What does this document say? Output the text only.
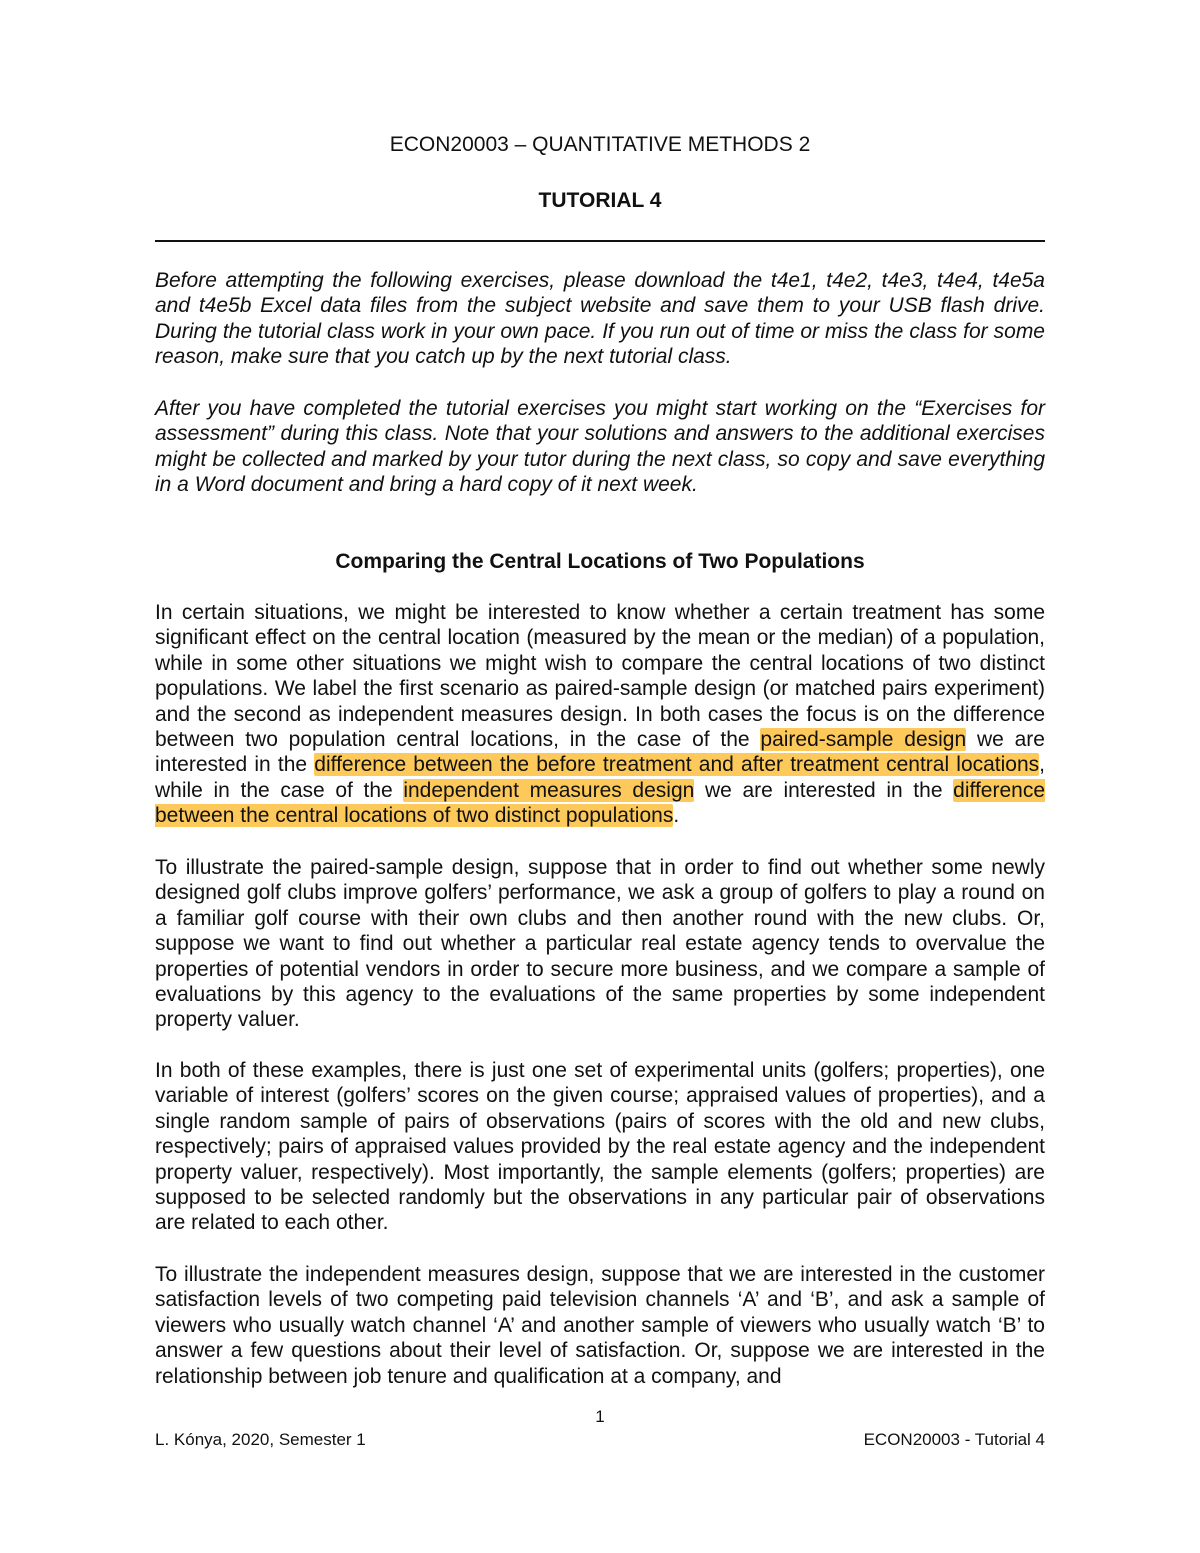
ECON20003 – QUANTITATIVE METHODS 2
TUTORIAL 4

Before attempting the following exercises, please download the t4e1, t4e2, t4e3, t4e4, t4e5a and t4e5b Excel data files from the subject website and save them to your USB flash drive. During the tutorial class work in your own pace. If you run out of time or miss the class for some reason, make sure that you catch up by the next tutorial class.

After you have completed the tutorial exercises you might start working on the “Exercises for assessment” during this class. Note that your solutions and answers to the additional exercises might be collected and marked by your tutor during the next class, so copy and save everything in a Word document and bring a hard copy of it next week.

Comparing the Central Locations of Two Populations

In certain situations, we might be interested to know whether a certain treatment has some significant effect on the central location (measured by the mean or the median) of a population, while in some other situations we might wish to compare the central locations of two distinct populations. We label the first scenario as paired-sample design (or matched pairs experiment) and the second as independent measures design. In both cases the focus is on the difference between two population central locations, in the case of the paired-sample design we are interested in the difference between the before treatment and after treatment central locations, while in the case of the independent measures design we are interested in the difference between the central locations of two distinct populations.

To illustrate the paired-sample design, suppose that in order to find out whether some newly designed golf clubs improve golfers’ performance, we ask a group of golfers to play a round on a familiar golf course with their own clubs and then another round with the new clubs. Or, suppose we want to find out whether a particular real estate agency tends to overvalue the properties of potential vendors in order to secure more business, and we compare a sample of evaluations by this agency to the evaluations of the same properties by some independent property valuer.

In both of these examples, there is just one set of experimental units (golfers; properties), one variable of interest (golfers’ scores on the given course; appraised values of properties), and a single random sample of pairs of observations (pairs of scores with the old and new clubs, respectively; pairs of appraised values provided by the real estate agency and the independent property valuer, respectively). Most importantly, the sample elements (golfers; properties) are supposed to be selected randomly but the observations in any particular pair of observations are related to each other.

To illustrate the independent measures design, suppose that we are interested in the customer satisfaction levels of two competing paid television channels ‘A’ and ‘B’, and ask a sample of viewers who usually watch channel ‘A’ and another sample of viewers who usually watch ‘B’ to answer a few questions about their level of satisfaction. Or, suppose we are interested in the relationship between job tenure and qualification at a company, and

1
L. Kónya, 2020, Semester 1	ECON20003 - Tutorial 4
